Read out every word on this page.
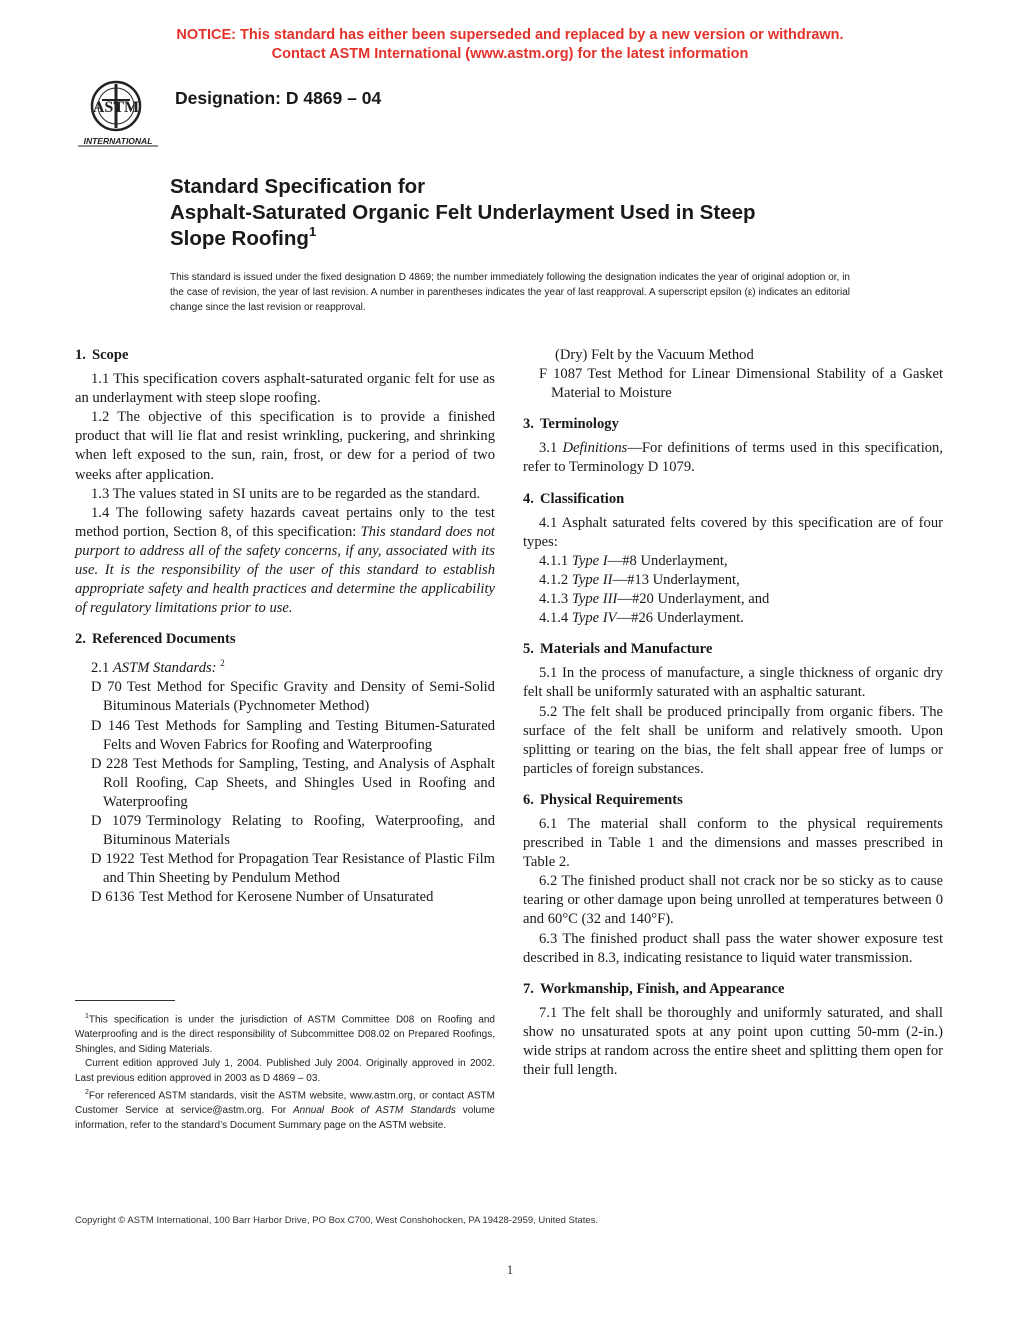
NOTICE: This standard has either been superseded and replaced by a new version or withdrawn.
Contact ASTM International (www.astm.org) for the latest information
ASTM
INTERNATIONAL
Designation: D 4869 – 04
Standard Specification for
Asphalt-Saturated Organic Felt Underlayment Used in Steep
Slope Roofing$^1$
This standard is issued under the fixed designation D 4869; the number immediately following the designation indicates the year of original adoption or, in the case of revision, the year of last revision. A number in parentheses indicates the year of last reapproval. A superscript epsilon (ε) indicates an editorial change since the last revision or reapproval.
1. Scope

1.1 This specification covers asphalt-saturated organic felt for use as an underlayment with steep slope roofing.

1.2 The objective of this specification is to provide a finished product that will lie flat and resist wrinkling, puckering, and shrinking when left exposed to the sun, rain, frost, or dew for a period of two weeks after application.

1.3 The values stated in SI units are to be regarded as the standard.

1.4 The following safety hazards caveat pertains only to the test method portion, Section 8, of this specification: This standard does not purport to address all of the safety concerns, if any, associated with its use. It is the responsibility of the user of this standard to establish appropriate safety and health practices and determine the applicability of regulatory limitations prior to use.

2. Referenced Documents

2.1 ASTM Standards: $^2$

D 70 Test Method for Specific Gravity and Density of Semi-Solid Bituminous Materials (Pychnometer Method)

D 146 Test Methods for Sampling and Testing Bitumen-Saturated Felts and Woven Fabrics for Roofing and Waterproofing

D 228 Test Methods for Sampling, Testing, and Analysis of Asphalt Roll Roofing, Cap Sheets, and Shingles Used in Roofing and Waterproofing

D 1079 Terminology Relating to Roofing, Waterproofing, and Bituminous Materials

D 1922 Test Method for Propagation Tear Resistance of Plastic Film and Thin Sheeting by Pendulum Method

D 6136 Test Method for Kerosene Number of Unsaturated

(Dry) Felt by the Vacuum Method

F 1087 Test Method for Linear Dimensional Stability of a Gasket Material to Moisture

3. Terminology

3.1 Definitions—For definitions of terms used in this specification, refer to Terminology D 1079.

4. Classification

4.1 Asphalt saturated felts covered by this specification are of four types:

4.1.1 Type I—#8 Underlayment,

4.1.2 Type II—#13 Underlayment,

4.1.3 Type III—#20 Underlayment, and

4.1.4 Type IV—#26 Underlayment.

5. Materials and Manufacture

5.1 In the process of manufacture, a single thickness of organic dry felt shall be uniformly saturated with an asphaltic saturant.

5.2 The felt shall be produced principally from organic fibers. The surface of the felt shall be uniform and relatively smooth. Upon splitting or tearing on the bias, the felt shall appear free of lumps or particles of foreign substances.

6. Physical Requirements

6.1 The material shall conform to the physical requirements prescribed in Table 1 and the dimensions and masses prescribed in Table 2.

6.2 The finished product shall not crack nor be so sticky as to cause tearing or other damage upon being unrolled at temperatures between 0 and 60°C (32 and 140°F).

6.3 The finished product shall pass the water shower exposure test described in 8.3, indicating resistance to liquid water transmission.

7. Workmanship, Finish, and Appearance

7.1 The felt shall be thoroughly and uniformly saturated, and shall show no unsaturated spots at any point upon cutting 50-mm (2-in.) wide strips at random across the entire sheet and splitting them open for their full length.

$^1$This specification is under the jurisdiction of ASTM Committee D08 on Roofing and Waterproofing and is the direct responsibility of Subcommittee D08.02 on Prepared Roofings, Shingles, and Siding Materials.

Current edition approved July 1, 2004. Published July 2004. Originally approved in 2002. Last previous edition approved in 2003 as D 4869 – 03.

$^2$For referenced ASTM standards, visit the ASTM website, www.astm.org, or contact ASTM Customer Service at service@astm.org. For Annual Book of ASTM Standards volume information, refer to the standard’s Document Summary page on the ASTM website.

Copyright © ASTM International, 100 Barr Harbor Drive, PO Box C700, West Conshohocken, PA 19428-2959, United States.
1
